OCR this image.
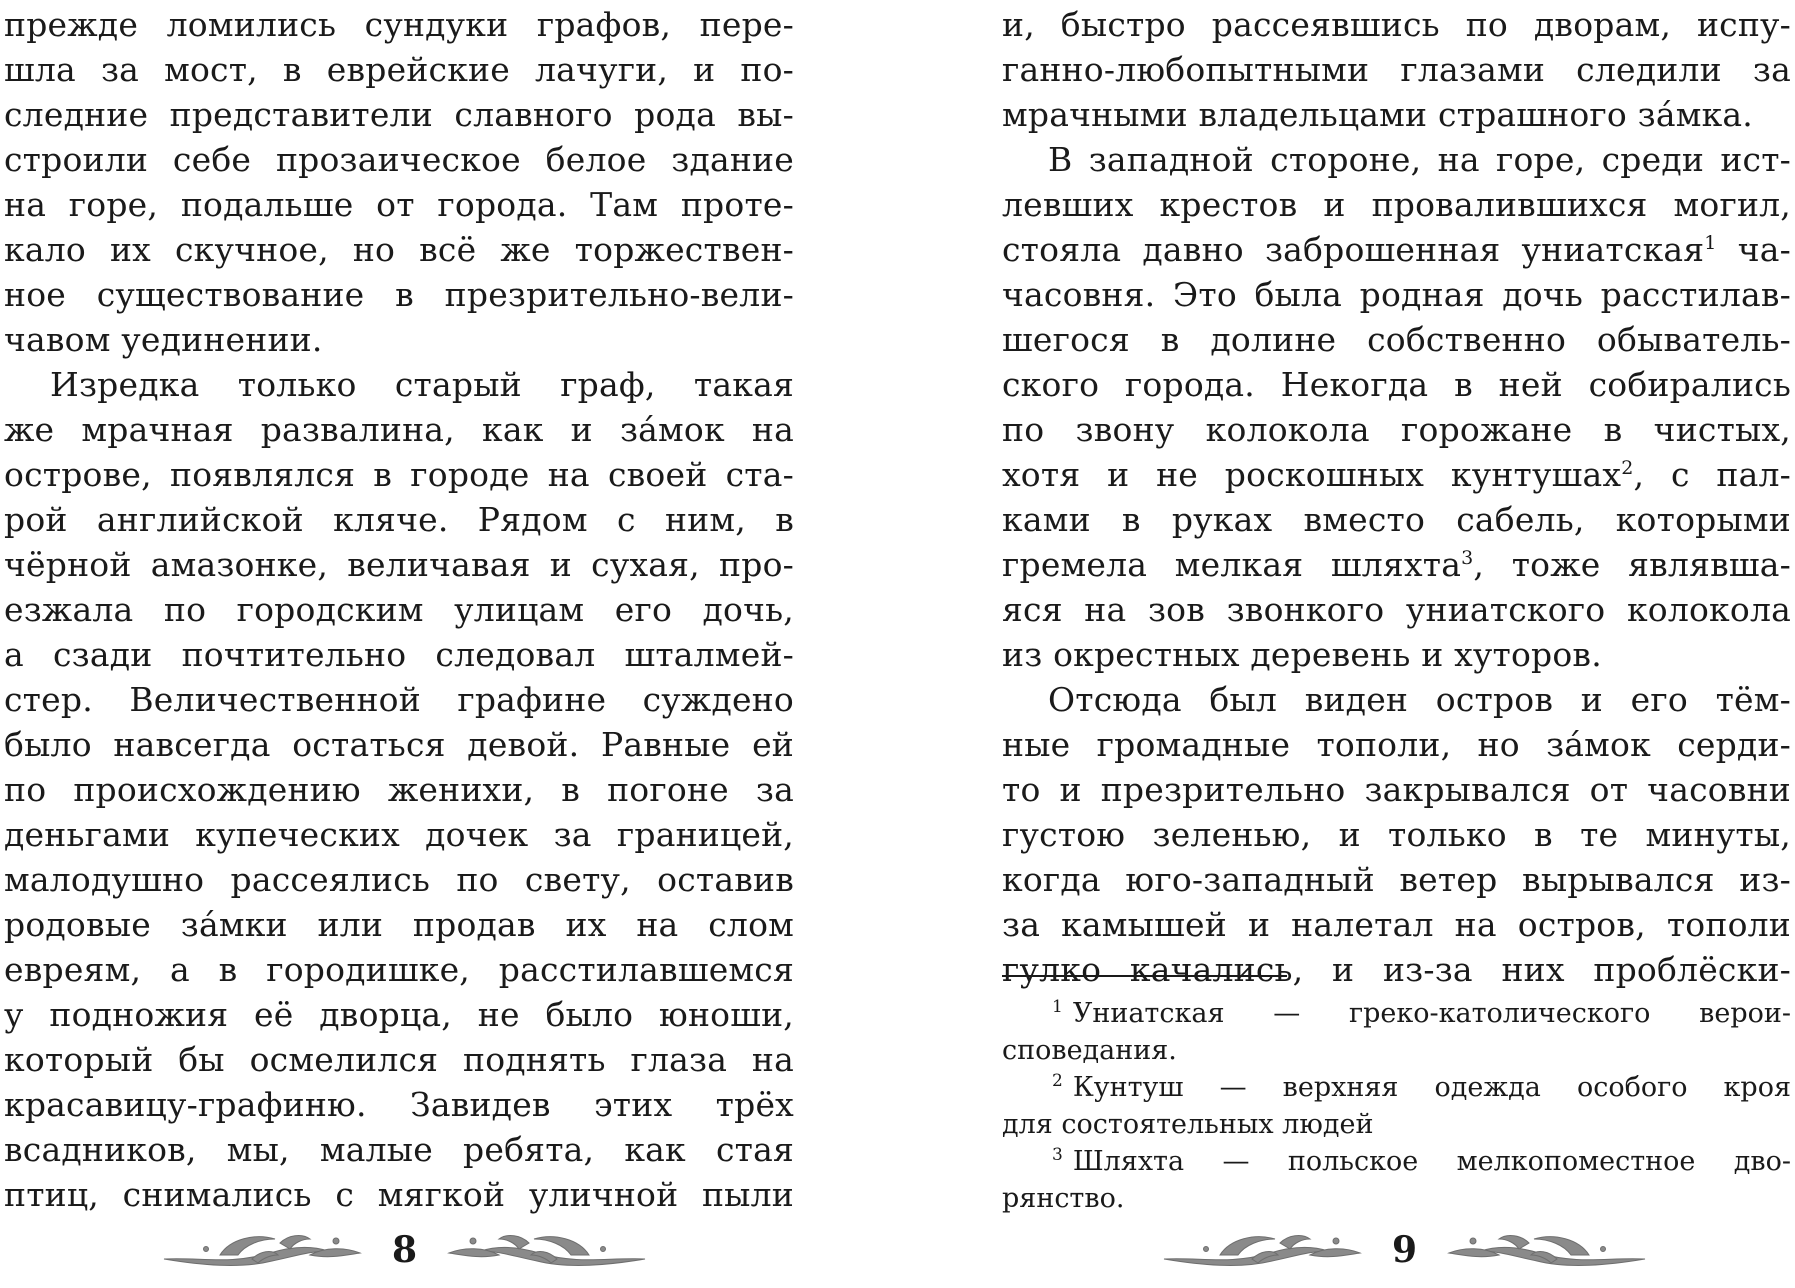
прежде ломились сундуки графов, пере-
шла за мост, в еврейские лачуги, и по-
следние представители славного рода вы-
строили себе прозаическое белое здание
на горе, подальше от города. Там проте-
кало их скучное, но всё же торжествен-
ное существование в презрительно-вели-
чавом уединении.
Изредка только старый граф, такая
же мрачная развалина, как и за́мок на
острове, появлялся в городе на своей ста-
рой английской кляче. Рядом с ним, в
чёрной амазонке, величавая и сухая, про-
езжала по городским улицам его дочь,
а сзади почтительно следовал шталмей-
стер. Величественной графине суждено
было навсегда остаться девой. Равные ей
по происхождению женихи, в погоне за
деньгами купеческих дочек за границей,
малодушно рассеялись по свету, оставив
родовые за́мки или продав их на слом
евреям, а в городишке, расстилавшемся
у подножия её дворца, не было юноши,
который бы осмелился поднять глаза на
красавицу-графиню. Завидев этих трёх
всадников, мы, малые ребята, как стая
птиц, снимались с мягкой уличной пыли
8
и, быстро рассеявшись по дворам, испу-
ганно-любопытными глазами следили за
мрачными владельцами страшного за́мка.
В западной стороне, на горе, среди ист-
левших крестов и провалившихся могил,
стояла давно заброшенная униатская$^1$ ча-
часовня. Это была родная дочь расстилав-
шегося в долине собственно обыватель-
ского города. Некогда в ней собирались
по звону колокола горожане в чистых,
хотя и не роскошных кунтушах$^2$, с пал-
ками в руках вместо сабель, которыми
гремела мелкая шляхта$^3$, тоже являвша-
яся на зов звонкого униатского колокола
из окрестных деревень и хуторов.
Отсюда был виден остров и его тём-
ные громадные тополи, но за́мок серди-
то и презрительно закрывался от часовни
густою зеленью, и только в те минуты,
когда юго-западный ветер вырывался из-
за камышей и налетал на остров, тополи
гулко качались, и из-за них проблёски-
$^1$ Униатская — греко-католического верои-
споведания.
$^2$ Кунтуш — верхняя одежда особого кроя
для состоятельных людей
$^3$ Шляхта — польское мелкопоместное дво-
рянство.
9
